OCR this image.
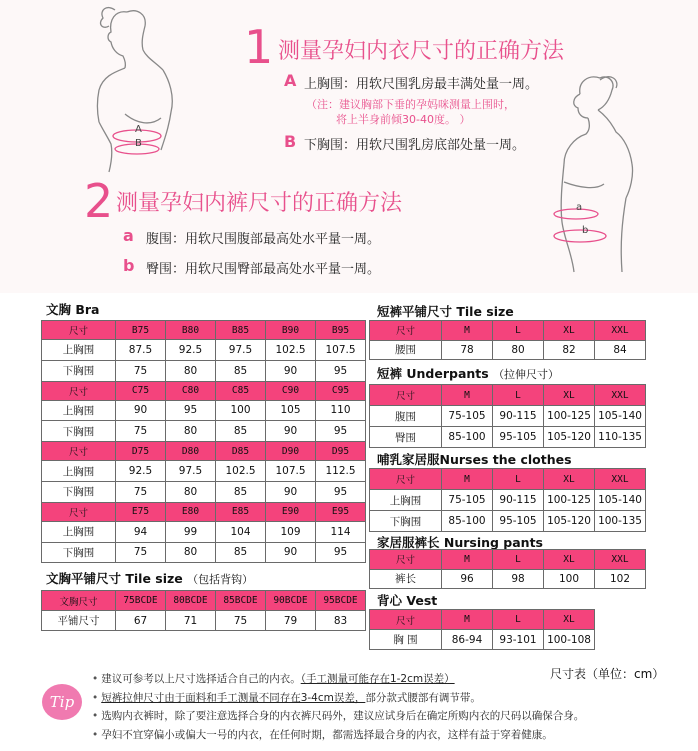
A
B
a
b
1 测量孕妇内衣尺寸的正确方法
A 上胸围：用软尺围乳房最丰满处量一周。
（注：建议胸部下垂的孕妈咪测量上围时，
将上半身前倾30-40度。 ）
B 下胸围：用软尺围乳房底部处量一周。
2 测量孕妇内裤尺寸的正确方法
a 腹围：用软尺围腹部最高处水平量一周。
b 臀围：用软尺围臀部最高处水平量一周。
文胸 Bra
尺寸	B75	B80	B85	B90	B95
上胸围	87.5	92.5	97.5	102.5	107.5
下胸围	75	80	85	90	95
尺寸	C75	C80	C85	C90	C95
上胸围	90	95	100	105	110
下胸围	75	80	85	90	95
尺寸	D75	D80	D85	D90	D95
上胸围	92.5	97.5	102.5	107.5	112.5
下胸围	75	80	85	90	95
尺寸	E75	E80	E85	E90	E95
上胸围	94	99	104	109	114
下胸围	75	80	85	90	95
文胸平铺尺寸 Tile size （包括背钩）
文胸尺寸	75BCDE	80BCDE	85BCDE	90BCDE	95BCDE
平铺尺寸	67	71	75	79	83
短裤平铺尺寸 Tile size
尺寸	M	L	XL	XXL
腰围	78	80	82	84
短裤 Underpants （拉伸尺寸）
尺寸	M	L	XL	XXL
腹围	75-105	90-115	100-125	105-140
臀围	85-100	95-105	105-120	110-135
哺乳家居服Nurses the clothes
尺寸	M	L	XL	XXL
上胸围	75-105	90-115	100-125	105-140
下胸围	85-100	95-105	105-120	100-135
家居服裤长 Nursing pants
尺寸	M	L	XL	XXL
裤长	96	98	100	102
背心 Vest
尺寸	M	L	XL
胸 围	86-94	93-101	100-108
尺寸表（单位：cm）
Tip
• 建议可参考以上尺寸选择适合自己的内衣。（手工测量可能存在1-2cm误差）
• 短裤拉伸尺寸由于面料和手工测量不同存在3-4cm误差，部分款式腰部有调节带。
• 选购内衣裤时，除了要注意选择合身的内衣裤尺码外，建议应试身后在确定所购内衣的尺码以确保合身。
• 孕妇不宜穿偏小或偏大一号的内衣，在任何时期，都需选择最合身的内衣，这样有益于穿着健康。
